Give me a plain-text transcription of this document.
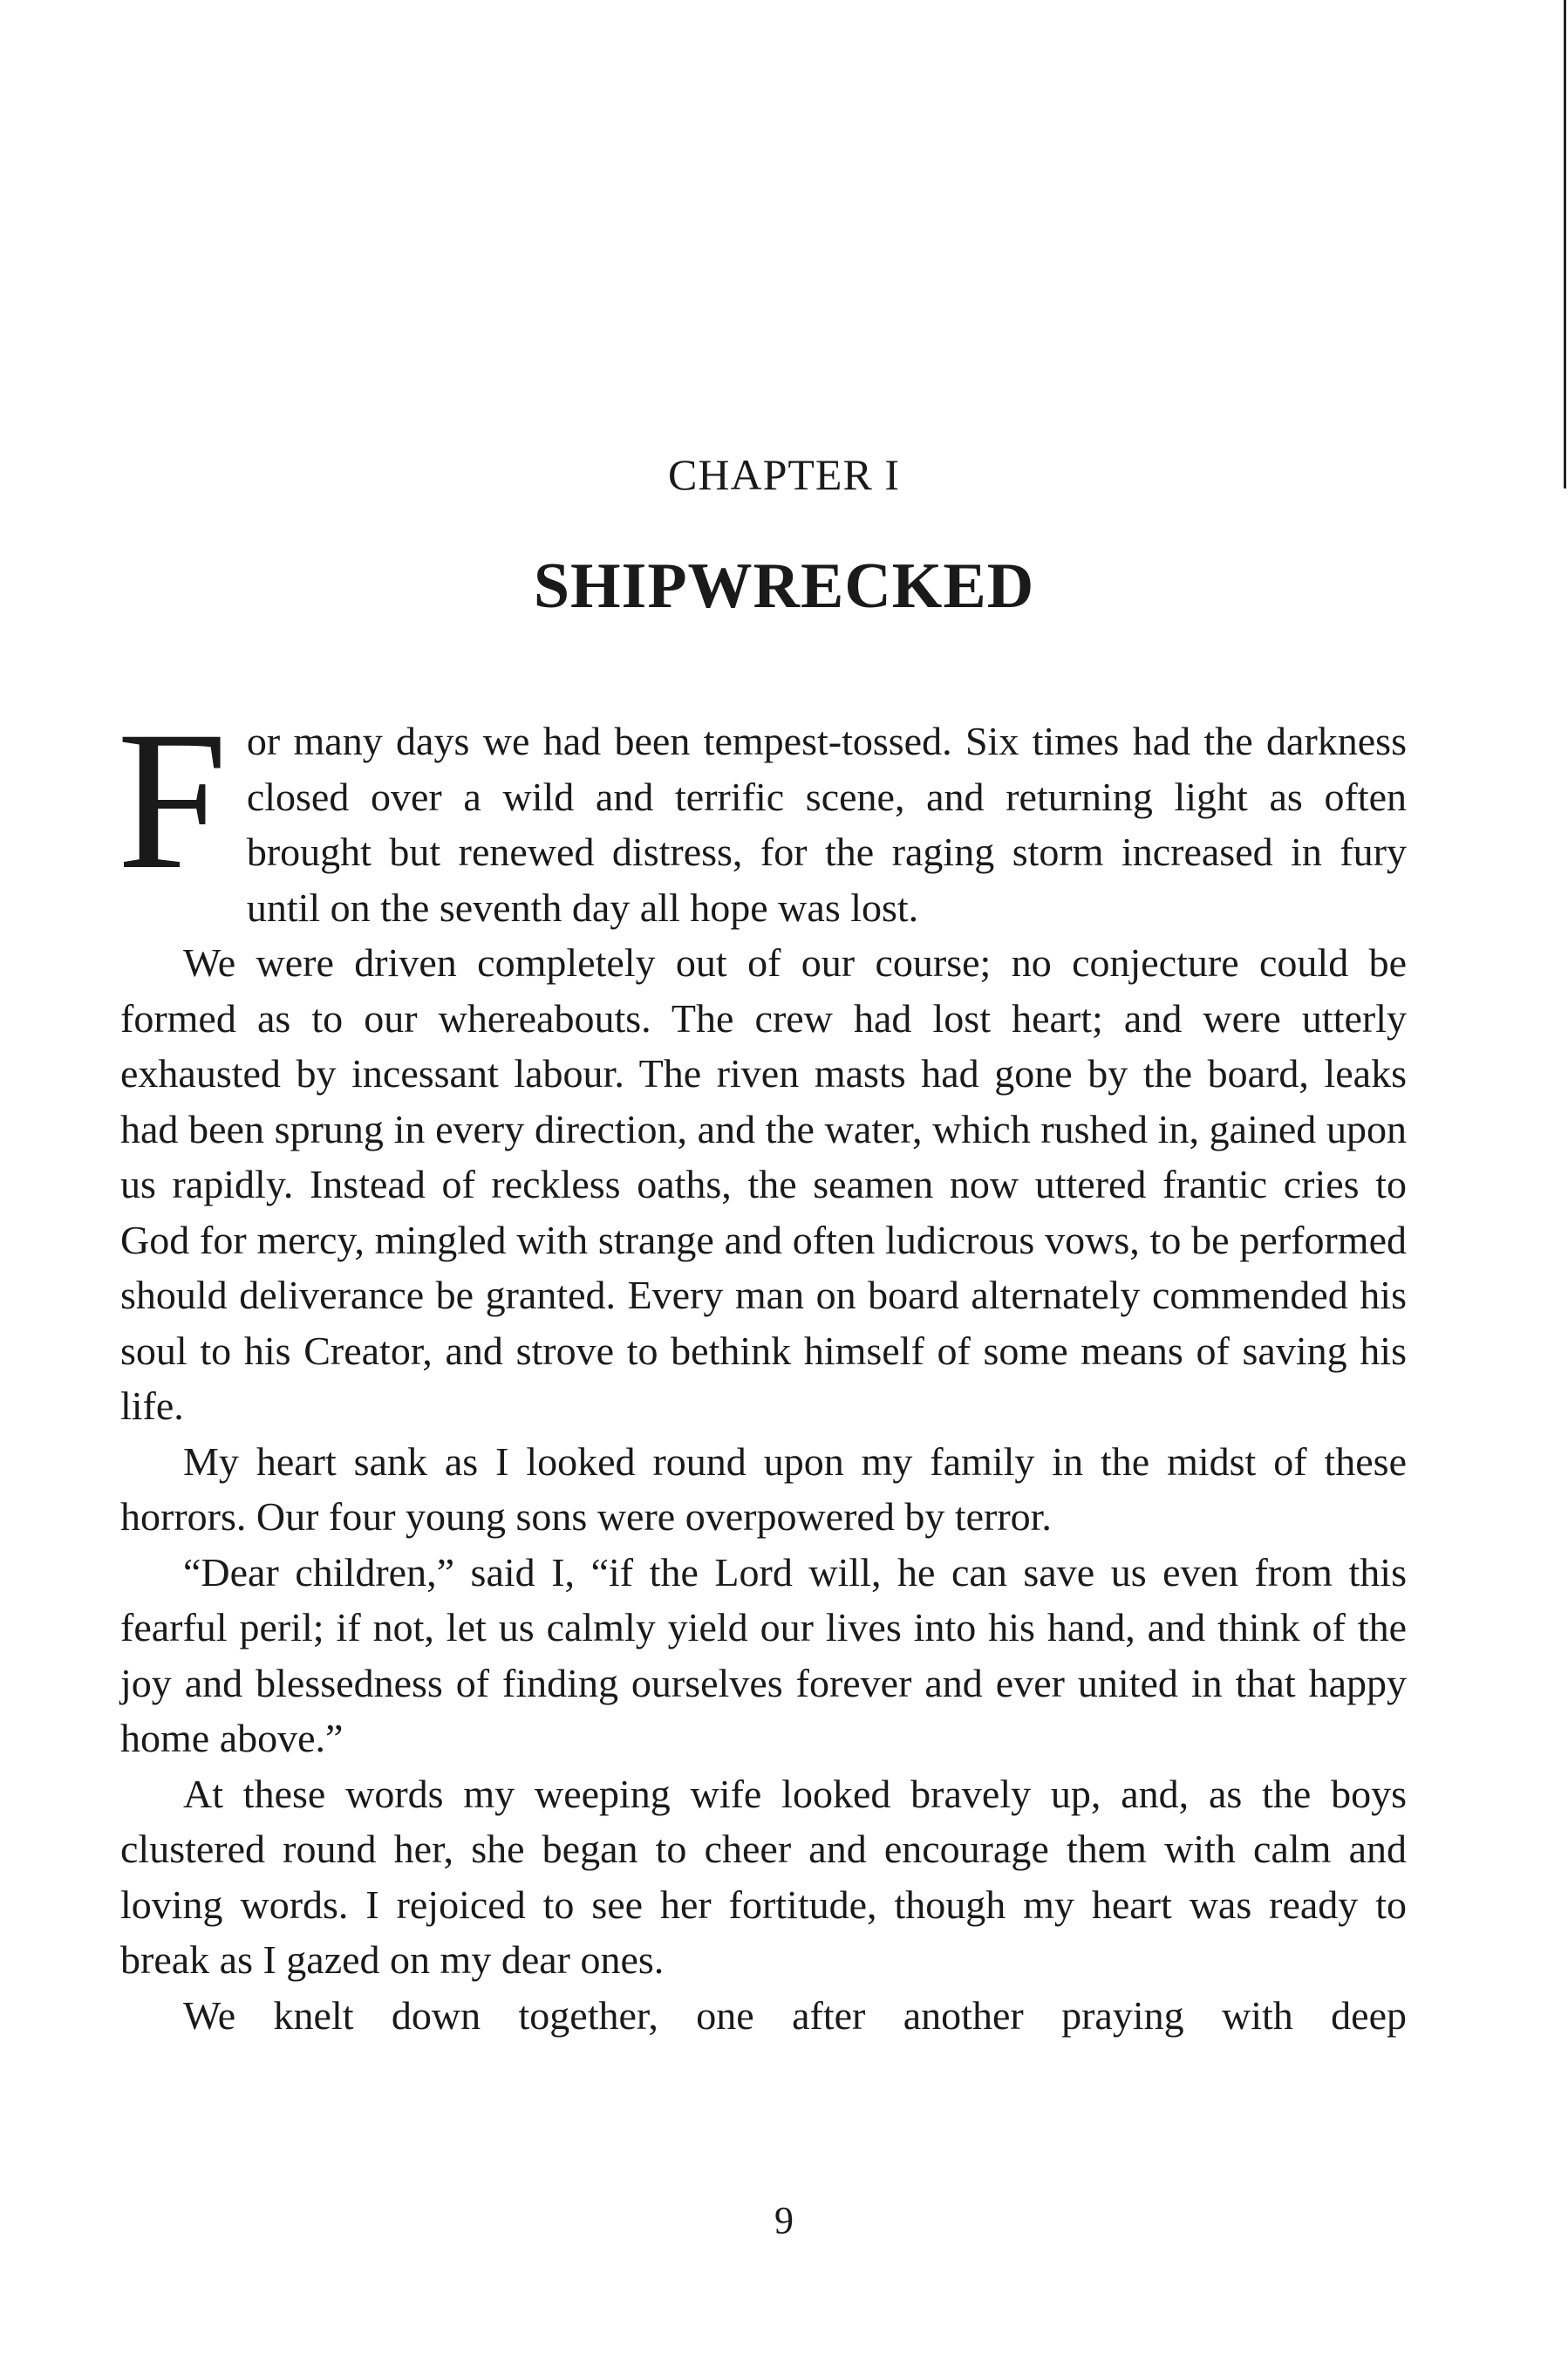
CHAPTER I
SHIPWRECKED

For many days we had been tempest-tossed. Six times had the darkness closed over a wild and terrific scene, and returning light as often brought but renewed distress, for the raging storm increased in fury until on the seventh day all hope was lost.

We were driven completely out of our course; no conjecture could be formed as to our whereabouts. The crew had lost heart; and were utterly exhausted by incessant labour. The riven masts had gone by the board, leaks had been sprung in every direction, and the water, which rushed in, gained upon us rapidly. Instead of reckless oaths, the seamen now uttered frantic cries to God for mercy, mingled with strange and often ludicrous vows, to be performed should deliverance be granted. Every man on board alternately commended his soul to his Creator, and strove to bethink himself of some means of saving his life.

My heart sank as I looked round upon my family in the midst of these horrors. Our four young sons were overpowered by terror.

“Dear children,” said I, “if the Lord will, he can save us even from this fearful peril; if not, let us calmly yield our lives into his hand, and think of the joy and blessedness of finding ourselves forever and ever united in that happy home above.”

At these words my weeping wife looked bravely up, and, as the boys clustered round her, she began to cheer and encourage them with calm and loving words. I rejoiced to see her fortitude, though my heart was ready to break as I gazed on my dear ones.

We knelt down together, one after another praying with deep

9
